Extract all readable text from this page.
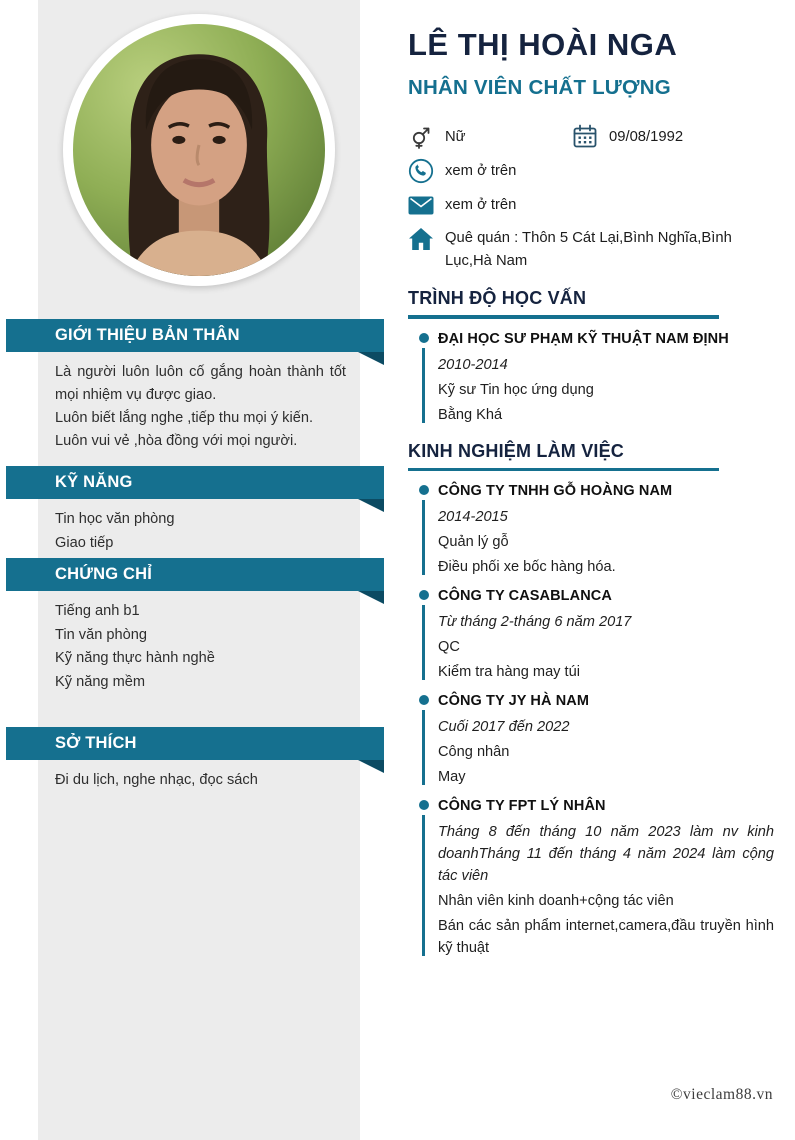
GIỚI THIỆU BẢN THÂN

Là người luôn luôn cố gắng hoàn thành tốt mọi nhiệm vụ được giao.

Luôn biết lắng nghe ,tiếp thu mọi ý kiến.

Luôn vui vẻ ,hòa đồng với mọi người.

KỸ NĂNG
Tin học văn phòng
Giao tiếp
CHỨNG CHỈ
Tiếng anh b1
Tin văn phòng
Kỹ năng thực hành nghề
Kỹ năng mềm
SỞ THÍCH
Đi du lịch, nghe nhạc, đọc sách
LÊ THỊ HOÀI NGA
NHÂN VIÊN CHẤT LƯỢNG
Nữ	09/08/1992
xem ở trên
xem ở trên
Quê quán : Thôn 5 Cát Lại,Bình Nghĩa,Bình Lục,Hà Nam
TRÌNH ĐỘ HỌC VẤN
ĐẠI HỌC SƯ PHẠM KỸ THUẬT NAM ĐỊNH
2010-2014
Kỹ sư Tin học ứng dụng
Bằng Khá
KINH NGHIỆM LÀM VIỆC
CÔNG TY TNHH GỖ HOÀNG NAM
2014-2015
Quản lý gỗ
Điều phối xe bốc hàng hóa.
CÔNG TY CASABLANCA
Từ tháng 2-tháng 6 năm 2017
QC
Kiểm tra hàng may túi
CÔNG TY JY HÀ NAM
Cuối 2017 đến 2022
Công nhân
May
CÔNG TY FPT LÝ NHÂN
Tháng 8 đến tháng 10 năm 2023 làm nv kinh doanhTháng 11 đến tháng 4 năm 2024 làm cộng tác viên
Nhân viên kinh doanh+cộng tác viên
Bán các sản phẩm internet,camera,đầu truyền hình kỹ thuật
©vieclam88.vn
